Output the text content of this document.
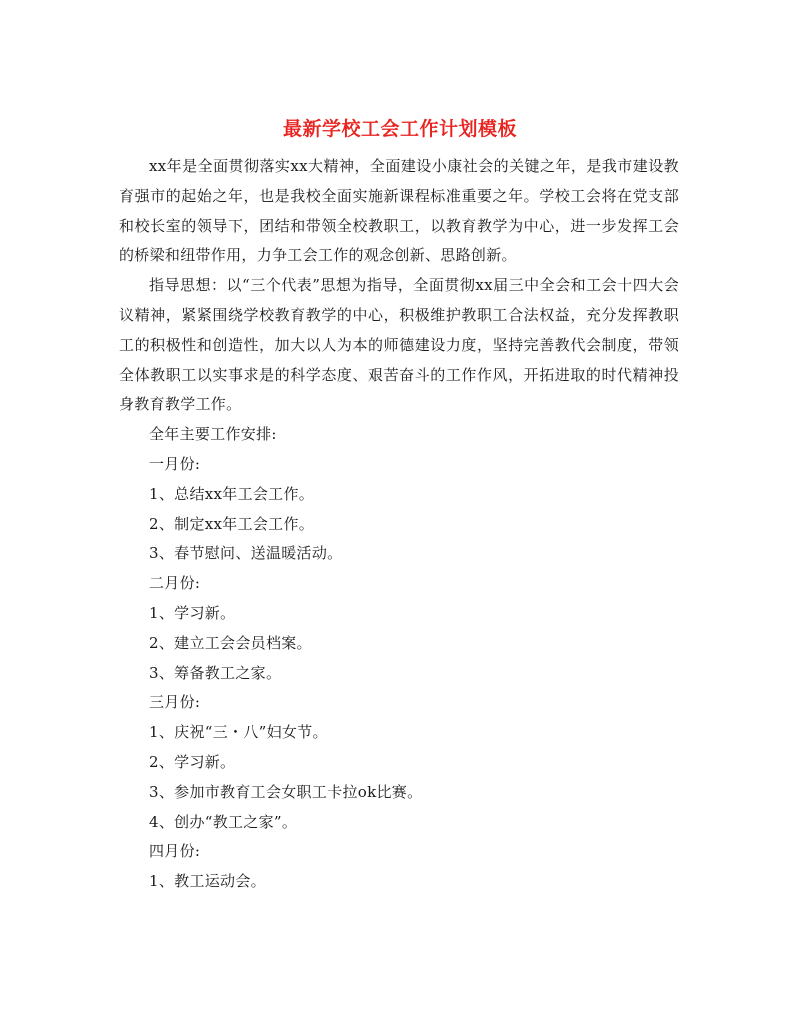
最新学校工会工作计划模板

xx年是全面贯彻落实xx大精神，全面建设小康社会的关键之年，是我市建设教育强市的起始之年，也是我校全面实施新课程标准重要之年。学校工会将在党支部和校长室的领导下，团结和带领全校教职工，以教育教学为中心，进一步发挥工会的桥梁和纽带作用，力争工会工作的观念创新、思路创新。

指导思想：以“三个代表”思想为指导，全面贯彻xx届三中全会和工会十四大会议精神，紧紧围绕学校教育教学的中心，积极维护教职工合法权益，充分发挥教职工的积极性和创造性，加大以人为本的师德建设力度，坚持完善教代会制度，带领全体教职工以实事求是的科学态度、艰苦奋斗的工作作风，开拓进取的时代精神投身教育教学工作。

全年主要工作安排:

一月份:

1、总结xx年工会工作。

2、制定xx年工会工作。

3、春节慰问、送温暖活动。

二月份:

1、学习新。

2、建立工会会员档案。

3、筹备教工之家。

三月份:

1、庆祝“三・八”妇女节。

2、学习新。

3、参加市教育工会女职工卡拉ok比赛。

4、创办“教工之家”。

四月份:

1、教工运动会。
